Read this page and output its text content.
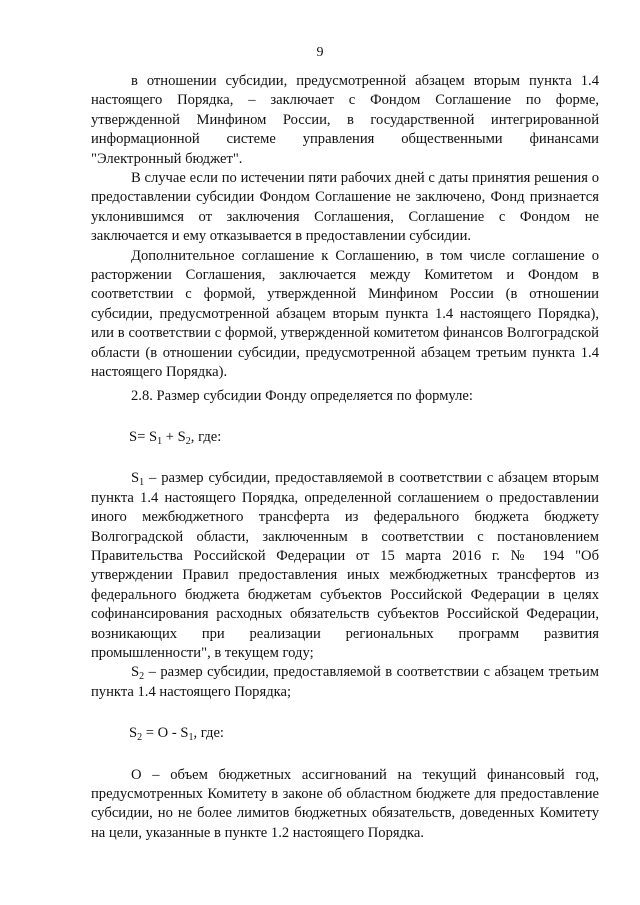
9

в отношении субсидии, предусмотренной абзацем вторым пункта 1.4 настоящего Порядка, – заключает с Фондом Соглашение по форме, утвержденной Минфином России, в государственной интегрированной информационной системе управления общественными финансами "Электронный бюджет".

В случае если по истечении пяти рабочих дней с даты принятия решения о предоставлении субсидии Фондом Соглашение не заключено, Фонд признается уклонившимся от заключения Соглашения, Соглашение с Фондом не заключается и ему отказывается в предоставлении субсидии.

Дополнительное соглашение к Соглашению, в том числе соглашение о расторжении Соглашения, заключается между Комитетом и Фондом в соответствии с формой, утвержденной Минфином России (в отношении субсидии, предусмотренной абзацем вторым пункта 1.4 настоящего Порядка), или в соответствии с формой, утвержденной комитетом финансов Волгоградской области (в отношении субсидии, предусмотренной абзацем третьим пункта 1.4 настоящего Порядка).

2.8. Размер субсидии Фонду определяется по формуле:

$S= S_1 + S_2$, где:

$S_1$ – размер субсидии, предоставляемой в соответствии с абзацем вторым пункта 1.4 настоящего Порядка, определенной соглашением о предоставлении иного межбюджетного трансферта из федерального бюджета бюджету Волгоградской области, заключенным в соответствии с постановлением Правительства Российской Федерации от 15 марта 2016 г. № 194 "Об утверждении Правил предоставления иных межбюджетных трансфертов из федерального бюджета бюджетам субъектов Российской Федерации в целях софинансирования расходных обязательств субъектов Российской Федерации, возникающих при реализации региональных программ развития промышленности", в текущем году;

$S_2$ – размер субсидии, предоставляемой в соответствии с абзацем третьим пункта 1.4 настоящего Порядка;

$S_2 = O - S_1$, где:

O – объем бюджетных ассигнований на текущий финансовый год, предусмотренных Комитету в законе об областном бюджете для предоставление субсидии, но не более лимитов бюджетных обязательств, доведенных Комитету на цели, указанные в пункте 1.2 настоящего Порядка.
